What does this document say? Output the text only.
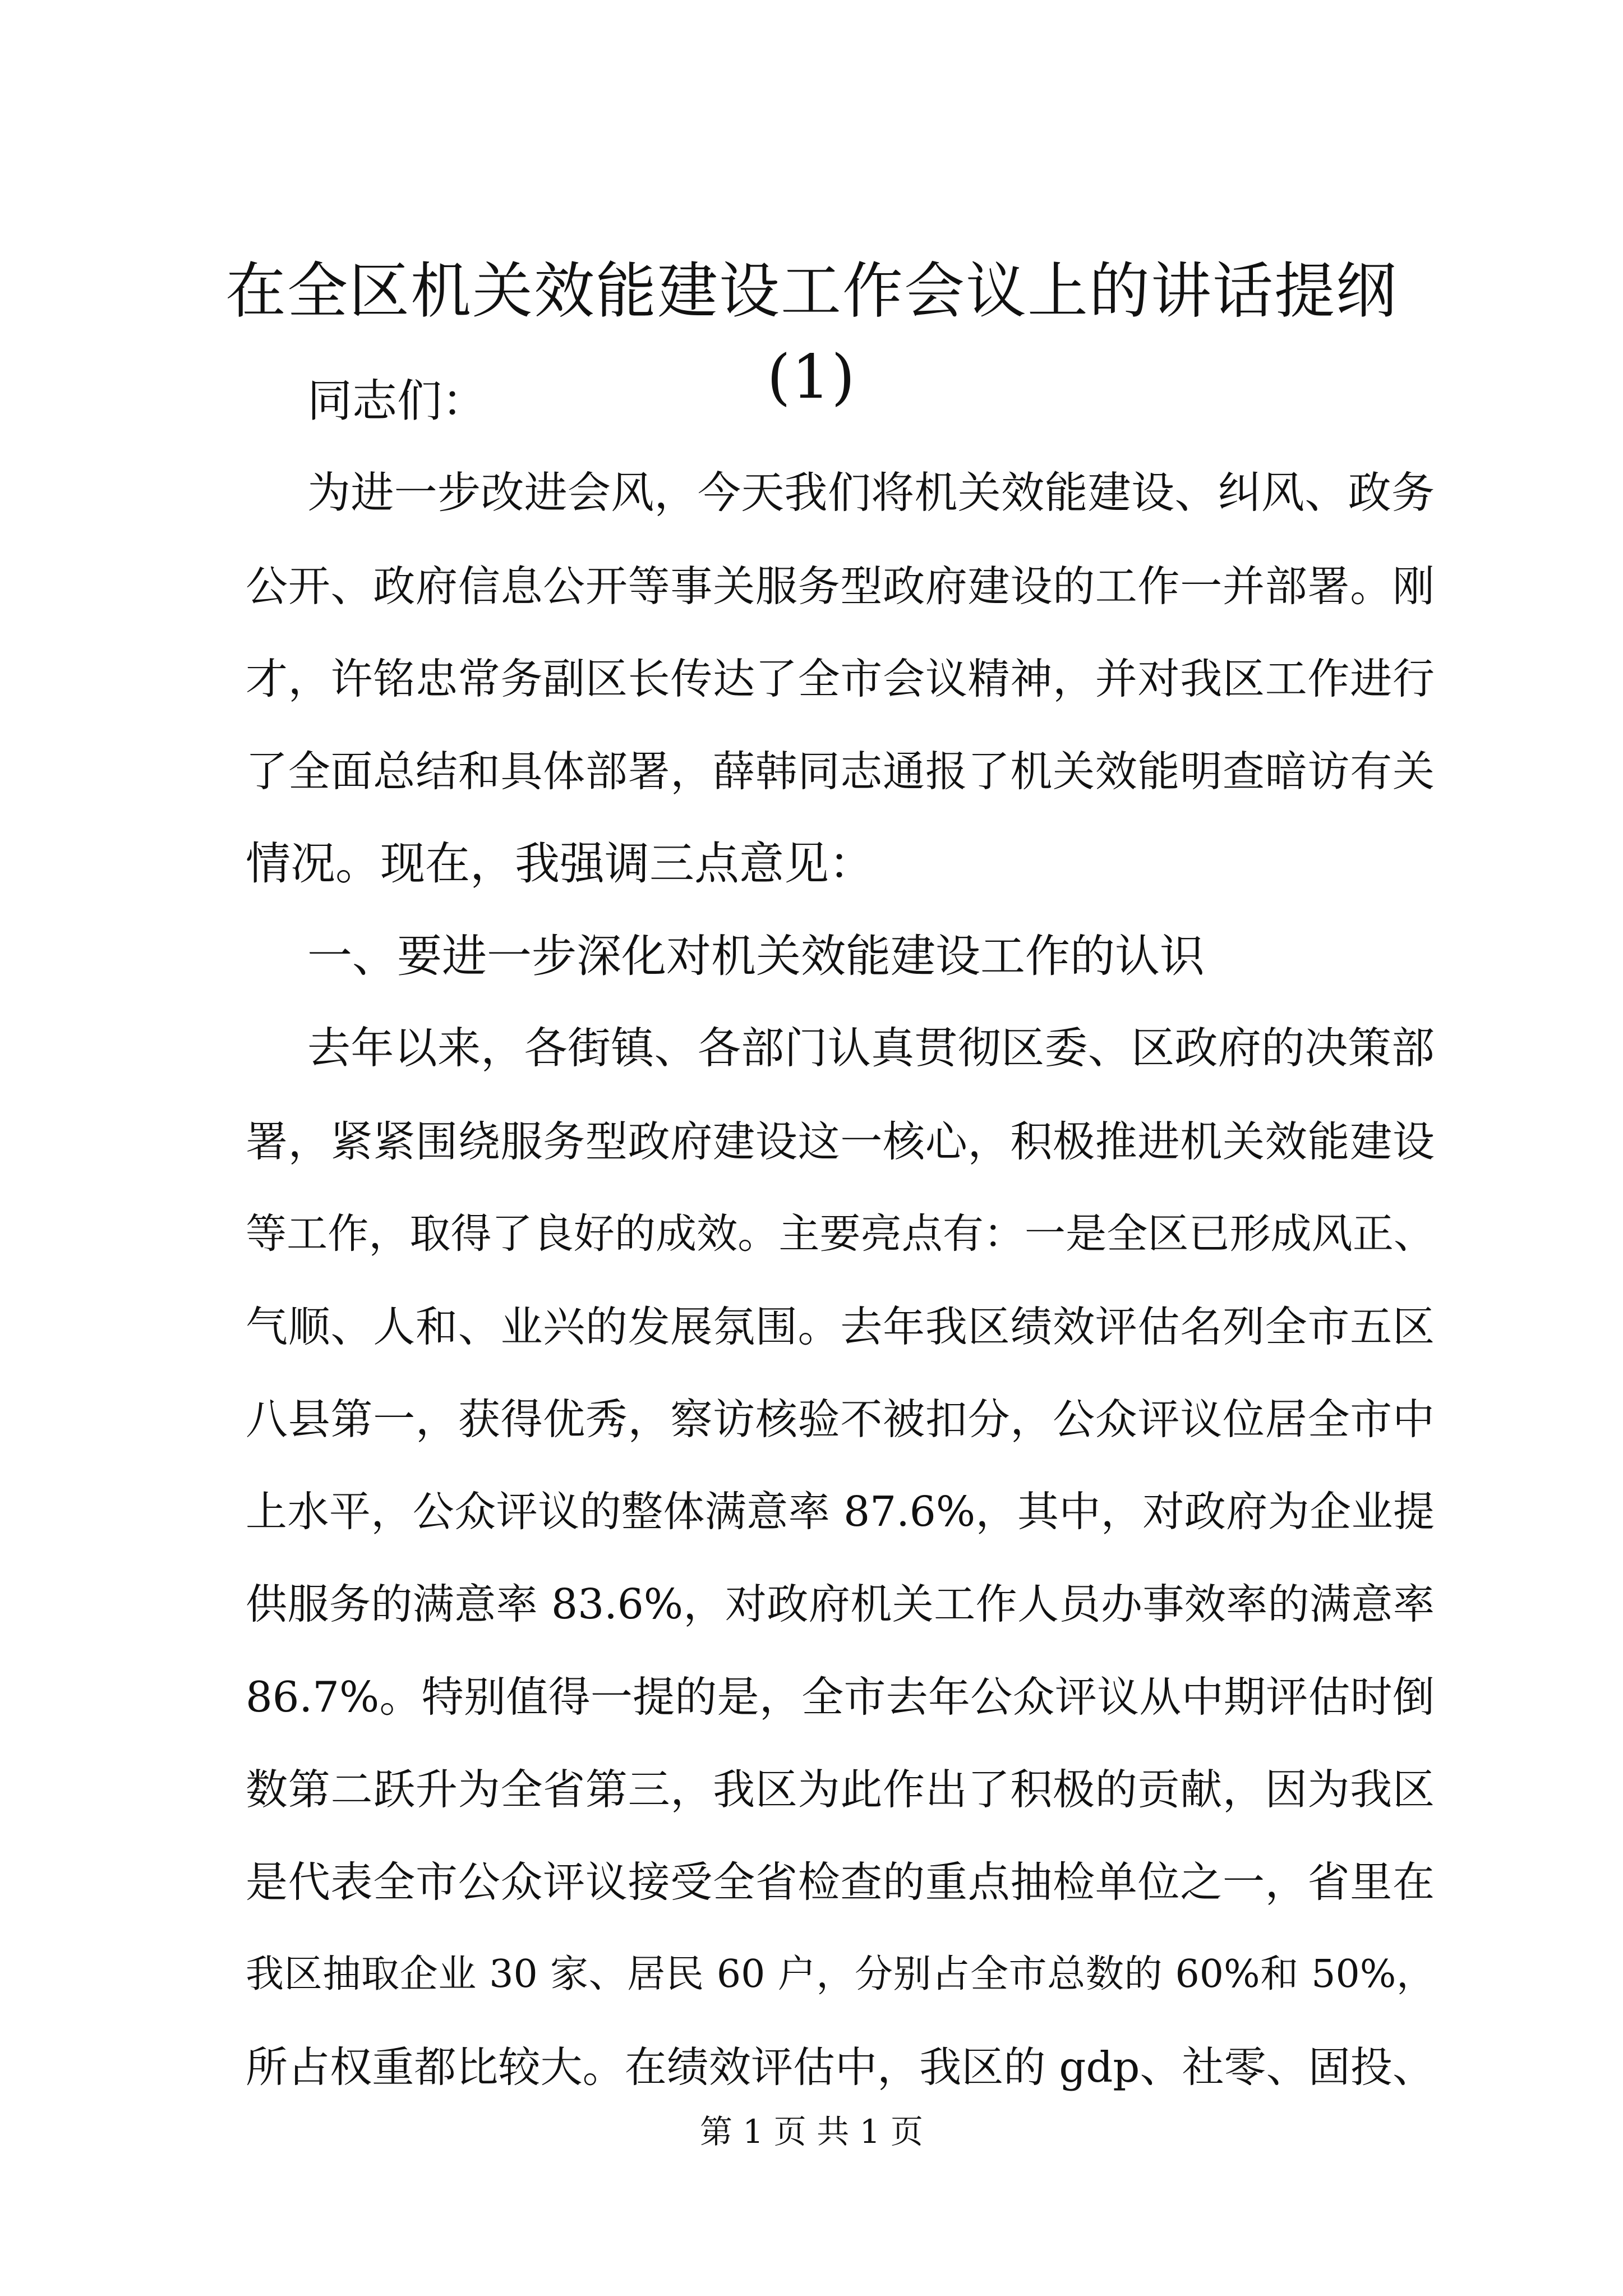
在全区机关效能建设工作会议上的讲话提纲
(1)
同志们：
为进一步改进会风，今天我们将机关效能建设、纠风、政务
公开、政府信息公开等事关服务型政府建设的工作一并部署。刚
才，许铭忠常务副区长传达了全市会议精神，并对我区工作进行
了全面总结和具体部署，薛韩同志通报了机关效能明查暗访有关
情况。现在，我强调三点意见：
一、要进一步深化对机关效能建设工作的认识
去年以来，各街镇、各部门认真贯彻区委、区政府的决策部
署，紧紧围绕服务型政府建设这一核心，积极推进机关效能建设
等工作，取得了良好的成效。主要亮点有：一是全区已形成风正、
气顺、人和、业兴的发展氛围。去年我区绩效评估名列全市五区
八县第一，获得优秀，察访核验不被扣分，公众评议位居全市中
上水平，公众评议的整体满意率 87.6%，其中，对政府为企业提
供服务的满意率 83.6%，对政府机关工作人员办事效率的满意率
86.7%。特别值得一提的是，全市去年公众评议从中期评估时倒
数第二跃升为全省第三，我区为此作出了积极的贡献，因为我区
是代表全市公众评议接受全省检查的重点抽检单位之一，省里在
我区抽取企业 30 家、居民 60 户，分别占全市总数的 60%和 50%，
所占权重都比较大。在绩效评估中，我区的 gdp、社零、固投、
第 1 页 共 1 页
